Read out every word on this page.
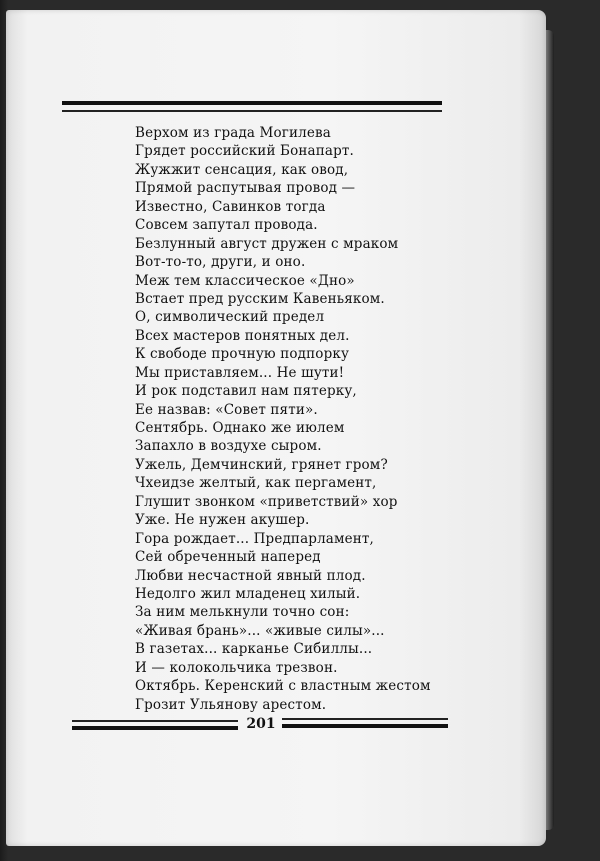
Верхом из града Могилева
Грядет российский Бонапарт.
Жужжит сенсация, как овод,
Прямой распутывая провод —
Известно, Савинков тогда
Совсем запутал провода.
Безлунный август дружен с мраком
Вот-то-то, други, и оно.
Меж тем классическое «Дно»
Встает пред русским Кавеньяком.
О, символический предел
Всех мастеров понятных дел.
К свободе прочную подпорку
Мы приставляем... Не шути!
И рок подставил нам пятерку,
Ее назвав: «Совет пяти».
Сентябрь. Однако же июлем
Запахло в воздухе сыром.
Ужель, Демчинский, грянет гром?
Чхеидзе желтый, как пергамент,
Глушит звонком «приветствий» хор
Уже. Не нужен акушер.
Гора рождает... Предпарламент,
Сей обреченный наперед
Любви несчастной явный плод.
Недолго жил младенец хилый.
За ним мелькнули точно сон:
«Живая брань»... «живые силы»...
В газетах... карканье Сибиллы...
И — колокольчика трезвон.
Октябрь. Керенский с властным жестом
Грозит Ульянову арестом.
201
